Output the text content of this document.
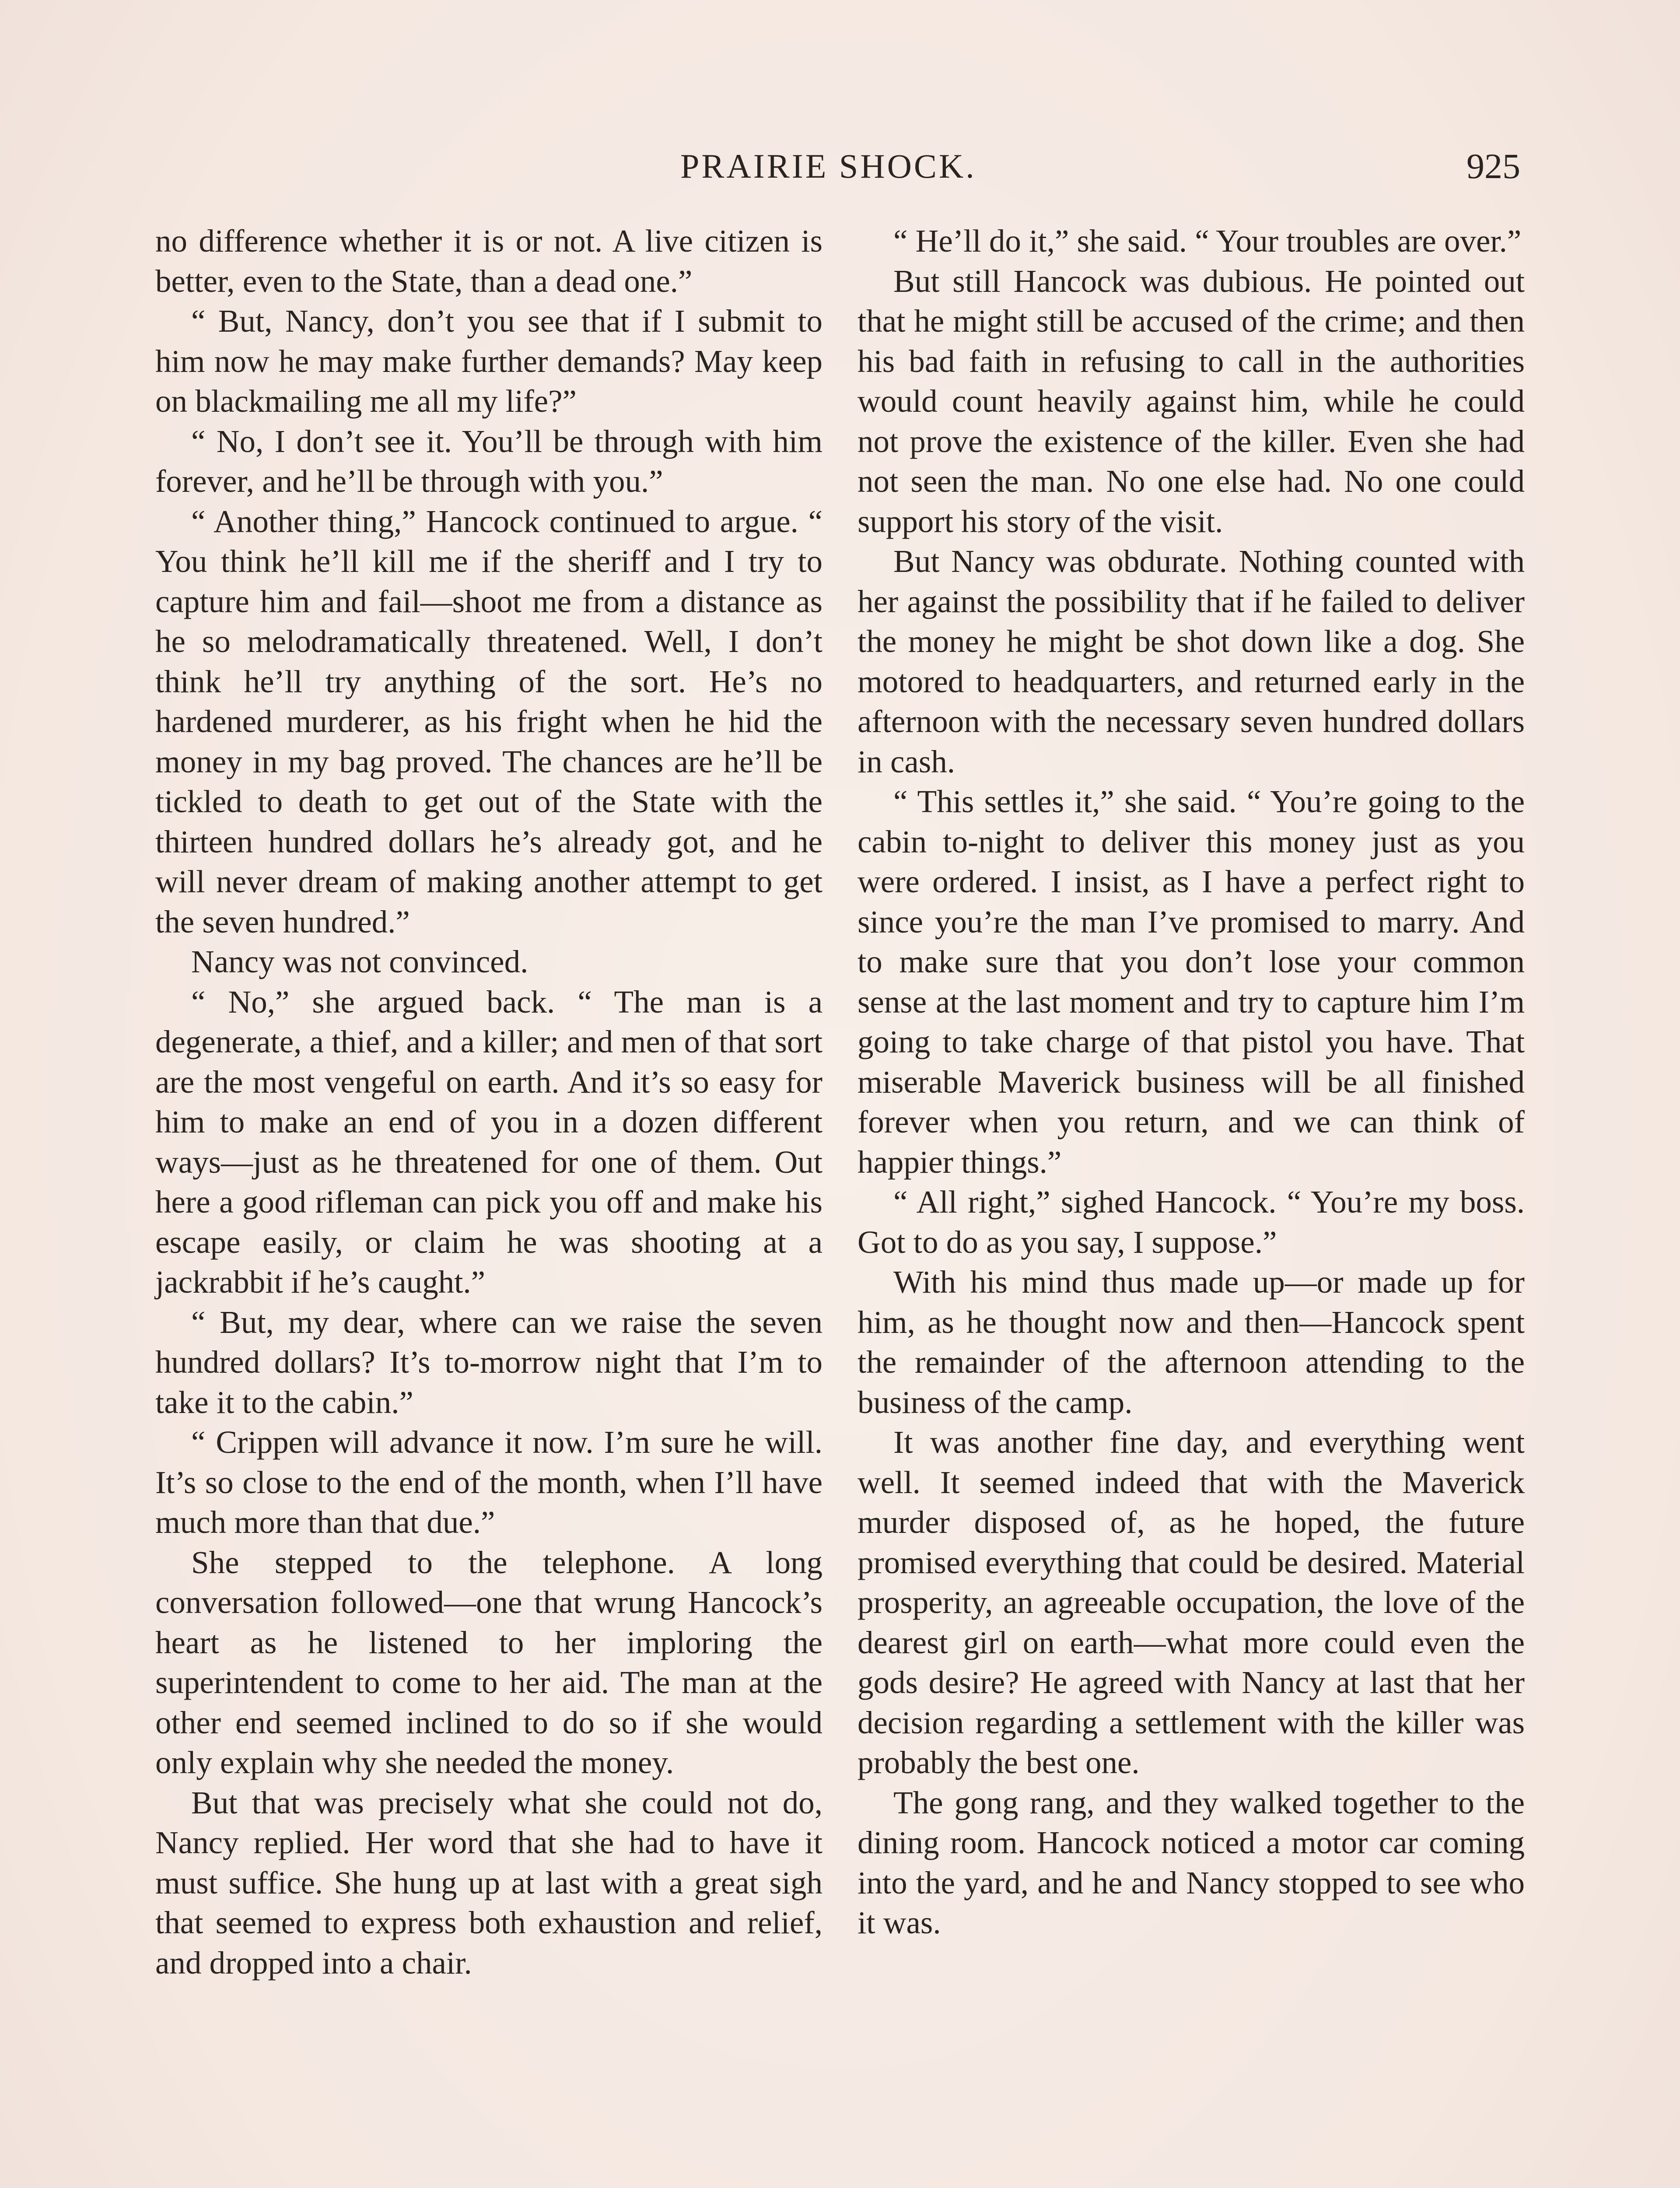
PRAIRIE SHOCK.	925

no difference whether it is or not. A live citizen is better, even to the State, than a dead one.”

“ But, Nancy, don’t you see that if I submit to him now he may make further demands? May keep on blackmailing me all my life?”

“ No, I don’t see it. You’ll be through with him forever, and he’ll be through with you.”

“ Another thing,” Hancock continued to argue. “ You think he’ll kill me if the sheriff and I try to capture him and fail—shoot me from a distance as he so melodramatically threatened. Well, I don’t think he’ll try anything of the sort. He’s no hardened murderer, as his fright when he hid the money in my bag proved. The chances are he’ll be tickled to death to get out of the State with the thirteen hundred dollars he’s already got, and he will never dream of making another attempt to get the seven hundred.”

Nancy was not convinced.

“ No,” she argued back. “ The man is a degenerate, a thief, and a killer; and men of that sort are the most vengeful on earth. And it’s so easy for him to make an end of you in a dozen different ways—just as he threatened for one of them. Out here a good rifleman can pick you off and make his escape easily, or claim he was shooting at a jackrabbit if he’s caught.”

“ But, my dear, where can we raise the seven hundred dollars? It’s to-morrow night that I’m to take it to the cabin.”

“ Crippen will advance it now. I’m sure he will. It’s so close to the end of the month, when I’ll have much more than that due.”

She stepped to the telephone. A long conversation followed—one that wrung Hancock’s heart as he listened to her imploring the superintendent to come to her aid. The man at the other end seemed inclined to do so if she would only explain why she needed the money.

But that was precisely what she could not do, Nancy replied. Her word that she had to have it must suffice. She hung up at last with a great sigh that seemed to express both exhaustion and relief, and dropped into a chair.

“ He’ll do it,” she said. “ Your troubles are over.”

But still Hancock was dubious. He pointed out that he might still be accused of the crime; and then his bad faith in refusing to call in the authorities would count heavily against him, while he could not prove the existence of the killer. Even she had not seen the man. No one else had. No one could support his story of the visit.

But Nancy was obdurate. Nothing counted with her against the possibility that if he failed to deliver the money he might be shot down like a dog. She motored to headquarters, and returned early in the afternoon with the necessary seven hundred dollars in cash.

“ This settles it,” she said. “ You’re going to the cabin to-night to deliver this money just as you were ordered. I insist, as I have a perfect right to since you’re the man I’ve promised to marry. And to make sure that you don’t lose your common sense at the last moment and try to capture him I’m going to take charge of that pistol you have. That miserable Maverick business will be all finished forever when you return, and we can think of happier things.”

“ All right,” sighed Hancock. “ You’re my boss. Got to do as you say, I suppose.”

With his mind thus made up—or made up for him, as he thought now and then—Hancock spent the remainder of the afternoon attending to the business of the camp.

It was another fine day, and everything went well. It seemed indeed that with the Maverick murder disposed of, as he hoped, the future promised everything that could be desired. Material prosperity, an agreeable occupation, the love of the dearest girl on earth—what more could even the gods desire? He agreed with Nancy at last that her decision regarding a settlement with the killer was probably the best one.

The gong rang, and they walked together to the dining room. Hancock noticed a motor car coming into the yard, and he and Nancy stopped to see who it was.
